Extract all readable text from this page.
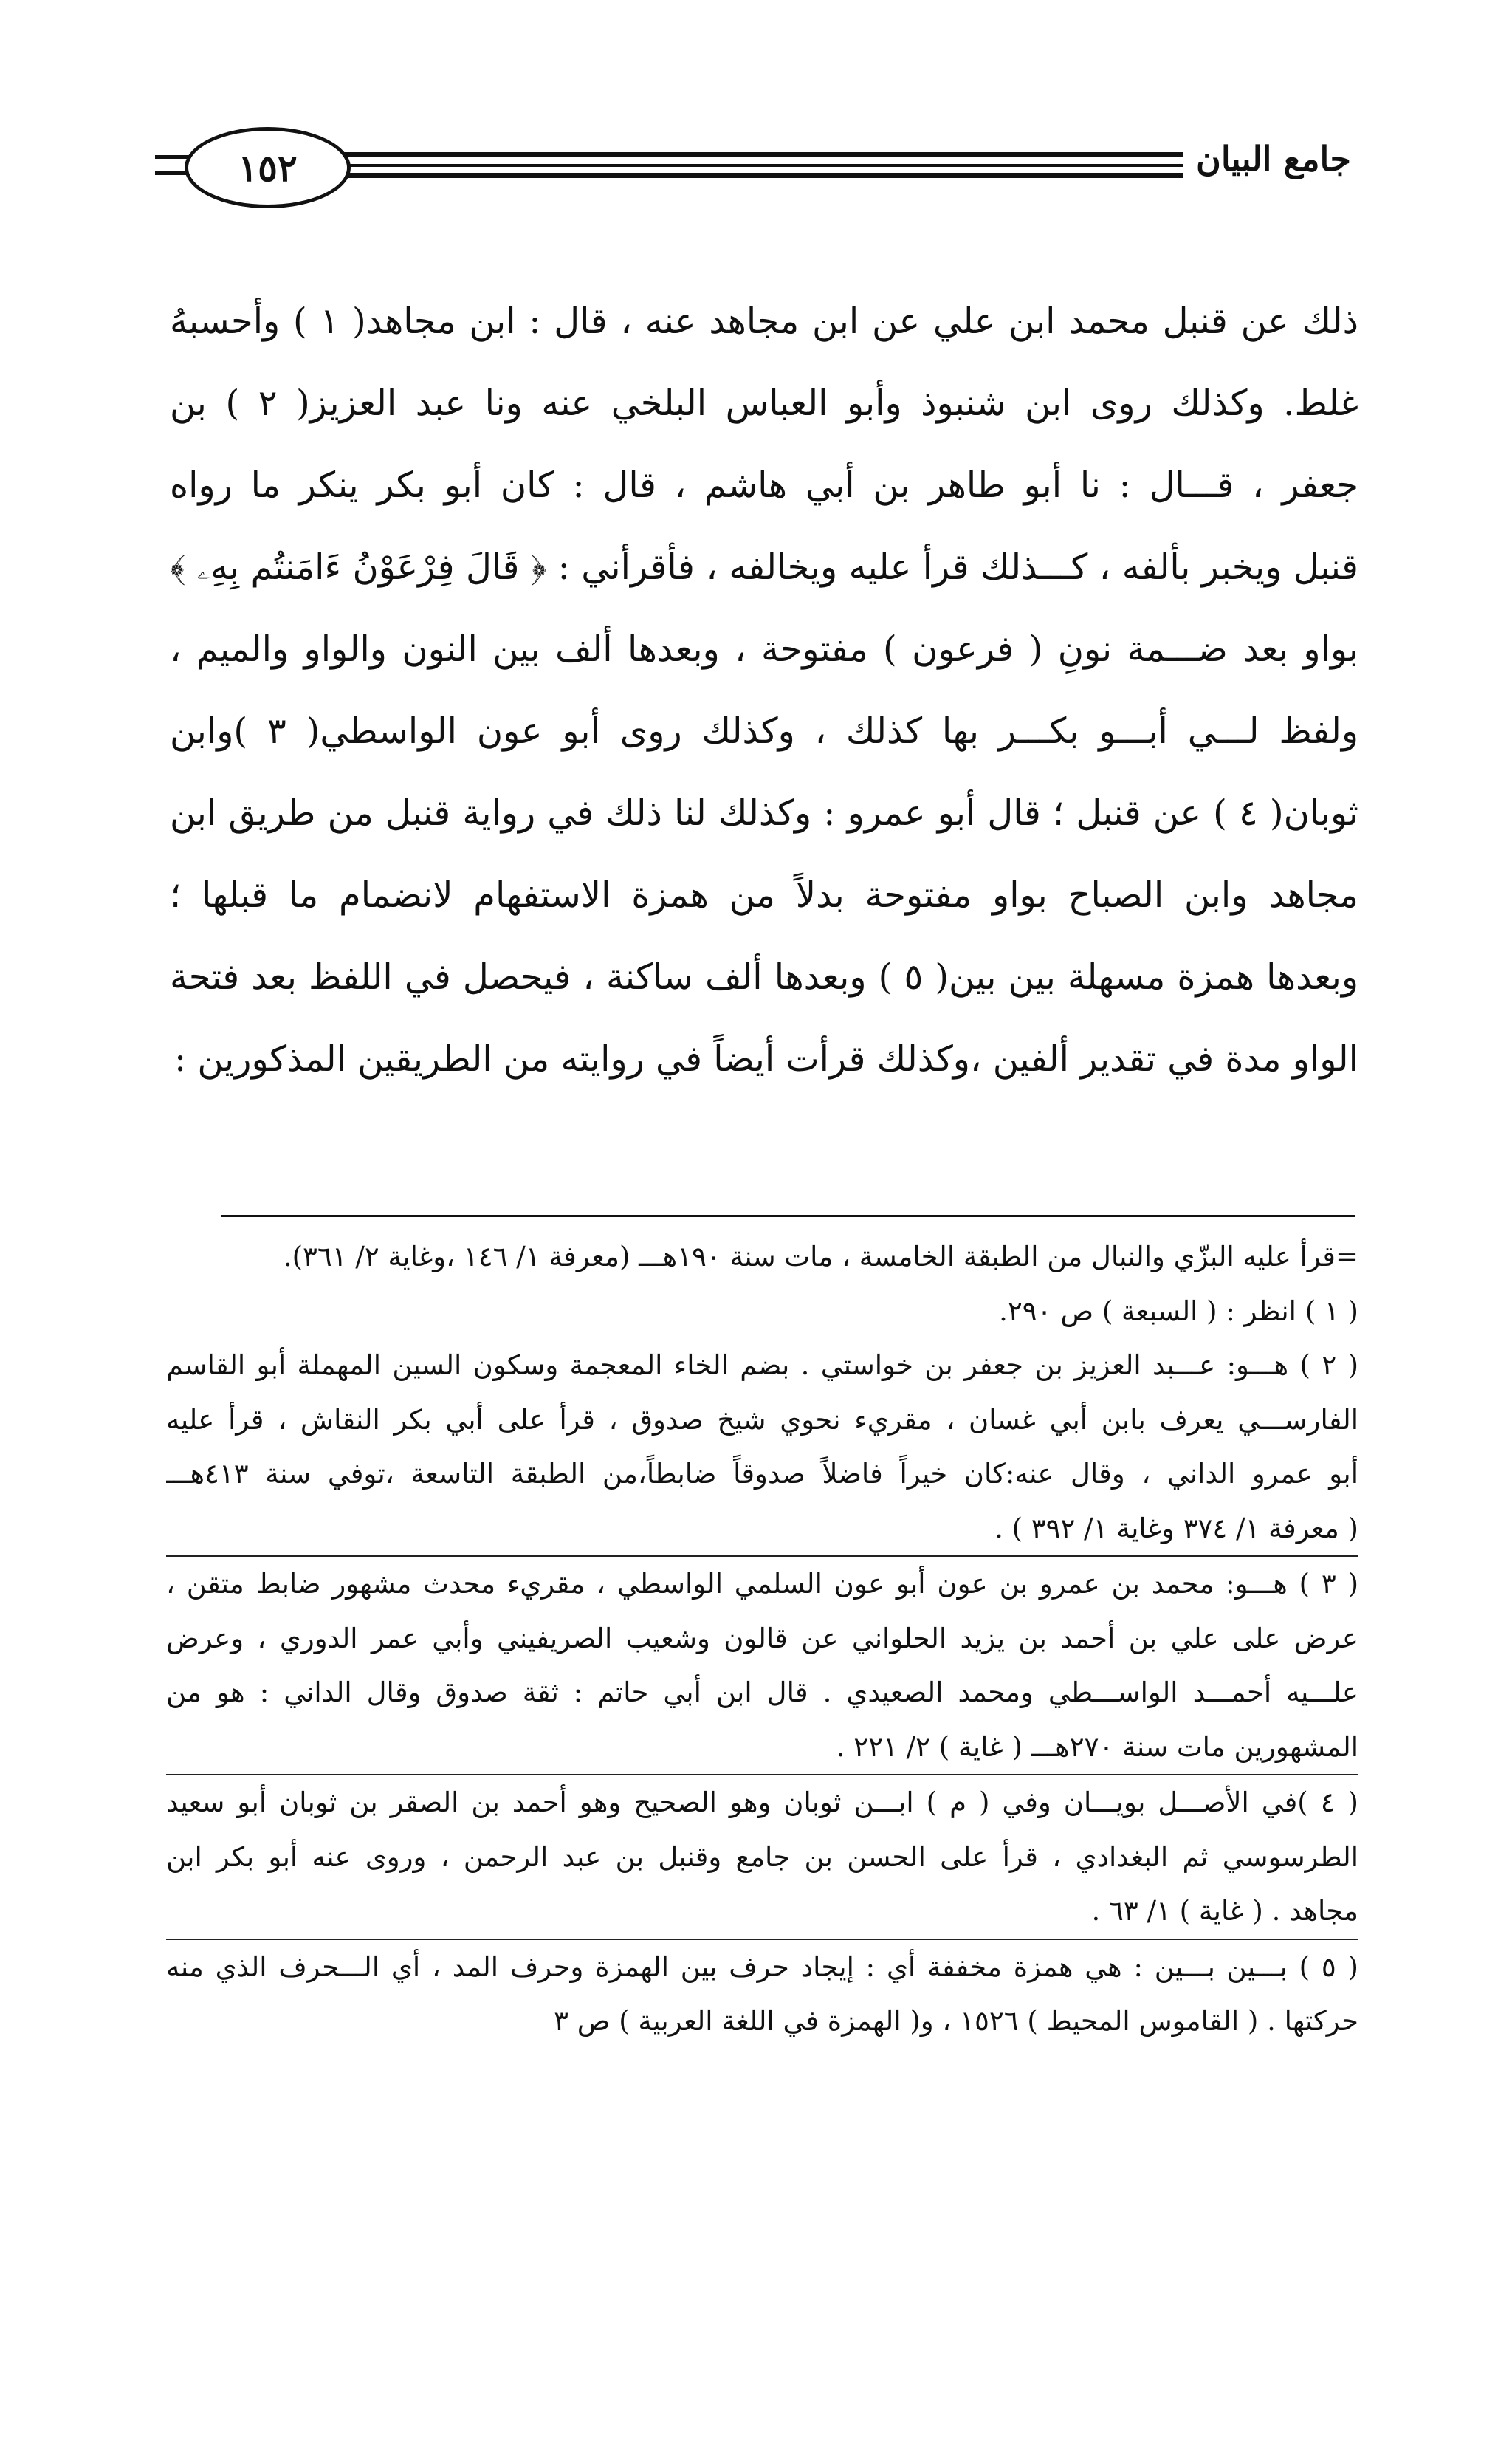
١٥٢	جامع البيان
ذلك عن قنبل محمد ابن علي عن ابن مجاهد عنه ، قال : ابن مجاهد( ١ ) وأحسبهُ
غلط. وكذلك روى ابن شنبوذ وأبو العباس البلخي عنه ونا عبد العزيز( ٢ ) بن
جعفر ، قـــال : نا أبو طاهر بن أبي هاشم ، قال : كان أبو بكر ينكر ما رواه
قنبل ويخبر بألفه ، كـــذلك قرأ عليه ويخالفه ، فأقرأني : ﴿ قَالَ فِرْعَوْنُ ءَامَنتُم بِهِۦ ﴾
بواو بعد ضـــمة نونِ ( فرعون ) مفتوحة ، وبعدها ألف بين النون والواو والميم ،
ولفظ لـــي أبـــو بكـــر بها كذلك ، وكذلك روى أبو عون الواسطي( ٣ )وابن
ثوبان( ٤ ) عن قنبل ؛ قال أبو عمرو : وكذلك لنا ذلك في رواية قنبل من طريق ابن
مجاهد وابن الصباح بواو مفتوحة بدلاً من همزة الاستفهام لانضمام ما قبلها ؛
وبعدها همزة مسهلة بين بين( ٥ ) وبعدها ألف ساكنة ، فيحصل في اللفظ بعد فتحة
الواو مدة في تقدير ألفين ،وكذلك قرأت أيضاً في روايته من الطريقين المذكورين :
=قرأ عليه البزّي والنبال من الطبقة الخامسة ، مات سنة ١٩٠هـــ (معرفة ١/ ١٤٦ ،وغاية ٢/ ٣٦١).
( ١ ) انظر : ( السبعة ) ص ٢٩٠.
( ٢ ) هـــو: عـــبد العزيز بن جعفر بن خواستي . بضم الخاء المعجمة وسكون السين المهملة أبو القاسم
الفارســـي يعرف بابن أبي غسان ، مقريء نحوي شيخ صدوق ، قرأ على أبي بكر النقاش ، قرأ عليه
أبو عمرو الداني ، وقال عنه:كان خيراً فاضلاً صدوقاً ضابطاً،من الطبقة التاسعة ،توفي سنة ٤١٣هـــ
( معرفة ١/ ٣٧٤ وغاية ١/ ٣٩٢ ) .
( ٣ ) هـــو: محمد بن عمرو بن عون أبو عون السلمي الواسطي ، مقريء محدث مشهور ضابط متقن ،
عرض على علي بن أحمد بن يزيد الحلواني عن قالون وشعيب الصريفيني وأبي عمر الدوري ، وعرض
علـــيه أحمـــد الواســـطي ومحمد الصعيدي . قال ابن أبي حاتم : ثقة صدوق وقال الداني : هو من
المشهورين مات سنة ٢٧٠هـــ ( غاية ) ٢/ ٢٢١ .
( ٤ )في الأصـــل بويـــان وفي ( م ) ابـــن ثوبان وهو الصحيح وهو أحمد بن الصقر بن ثوبان أبو سعيد
الطرسوسي ثم البغدادي ، قرأ على الحسن بن جامع وقنبل بن عبد الرحمن ، وروى عنه أبو بكر ابن
مجاهد . ( غاية ) ١/ ٦٣ .
( ٥ ) بـــين بـــين : هي همزة مخففة أي : إيجاد حرف بين الهمزة وحرف المد ، أي الـــحرف الذي منه
حركتها . ( القاموس المحيط ) ١٥٢٦ ، و( الهمزة في اللغة العربية ) ص ٣
